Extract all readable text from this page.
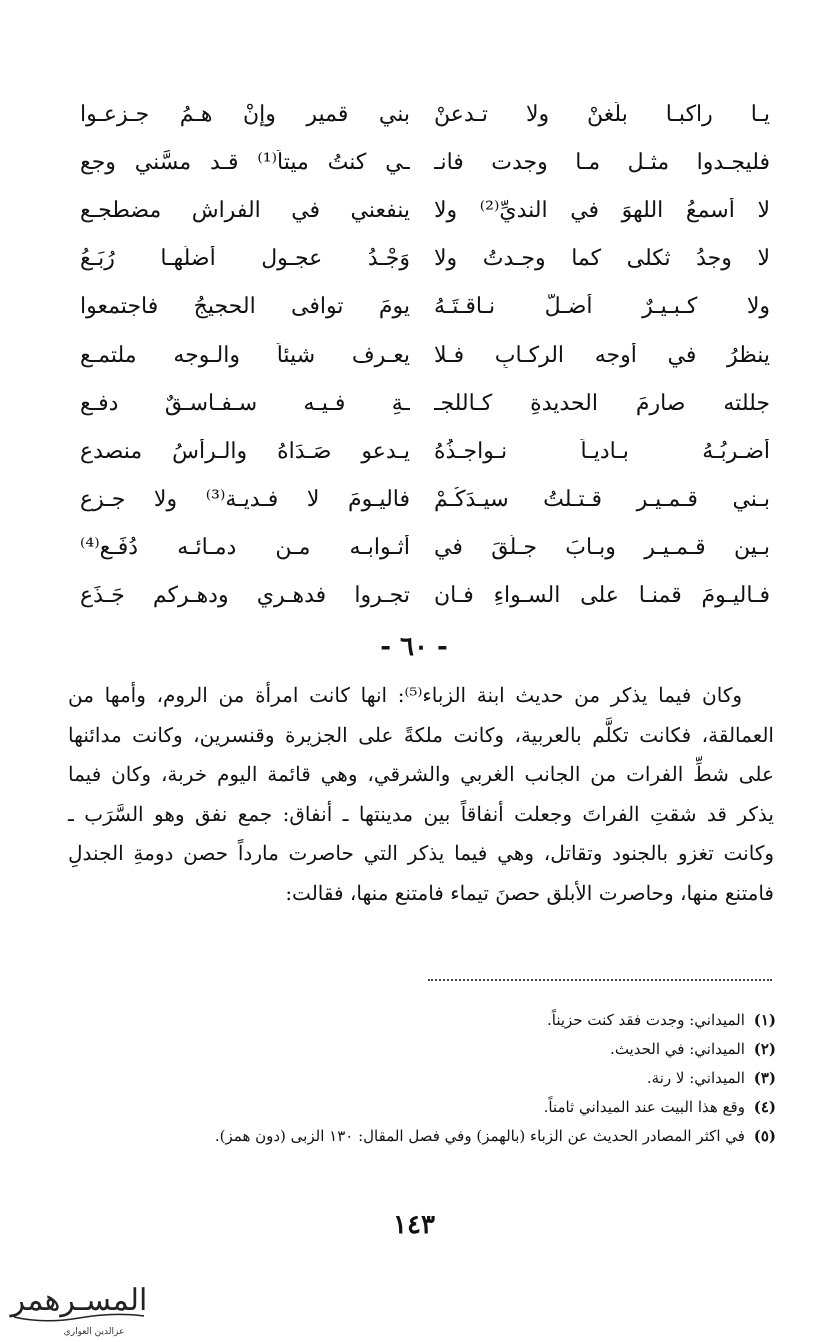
يـا راكبـا بلِّغنْ ولا تـدعنْ
بني قمير وإنْ هـمُ جـزعـوا
فليجـدوا مثـل مـا وجدت فانـ
ـي كنتُ ميتاً⁽¹⁾ قـد مسَّني وجع
لا أسمعُ اللهوَ في النديِّ⁽²⁾ ولا
ينفعني في الفراش مضطجـع
لا وجدُ ثكلى كما وجـدتُ ولا
وَجْـدُ عجـول أضلَّهـا رُبَـعُ
ولا كـبـيـرٌ أضـلَّ نـاقـتَـهُ
يومَ توافى الحجيجُ فاجتمعوا
ينظرُ في أوجه الركـابِ فـلا
يعـرف شيئاً والـوجه ملتمـع
جللته صارمَ الحديدةِ كـاللجـ
ـةِ فـيـه سـفـاسـقٌ دفـع
أضـربُـهُ بـاديـاً نـواجـذُهُ
يـدعو صَـدَاهُ والـرأسُ منصدع
بـني قـمـيـر قـتـلتُ سيـدَكُـمْ
فاليـومَ لا فـديـة⁽³⁾ ولا جـزع
بـين قـمـيـر وبـابَ جـلَّقَ في
أثـوابـه مـن دمـائـه دُفَـع⁽⁴⁾
فـاليـومَ قمنـا على السـواءِ فـان
تجـروا فدهـري ودهـركم جَـذَع
- ٦٠ -

وكان فيما يذكر من حديث ابنة الزباء⁽⁵⁾: انها كانت امرأة من الروم، وأمها من العمالقة، فكانت تكلَّم بالعربية، وكانت ملكةً على الجزيرة وقنسرين، وكانت مدائنها على شطِّ الفرات من الجانب الغربي والشرقي، وهي قائمة اليوم خربة، وكان فيما يذكر قد شقتِ الفراتَ وجعلت أنفاقاً بين مدينتها ـ أنفاق: جمع نفق وهو السَّرَب ـ وكانت تغزو بالجنود وتقاتل، وهي فيما يذكر التي حاصرت مارداً حصن دومةِ الجندلِ فامتنع منها، وحاصرت الأبلق حصنَ تيماء فامتنع منها، فقالت:

(١) الميداني: وجدت فقد كنت حزيناً.
(٢) الميداني: في الحديث.
(٣) الميداني: لا رنة.
(٤) وقع هذا البيت عند الميداني ثامناً.
(٥) في اكثر المصادر الحديث عن الزباء (بالهمز) وفي فصل المقال: ١٣٠ الزبى (دون همز).
١٤٣
المسـرهمر
عزالدين العواري
